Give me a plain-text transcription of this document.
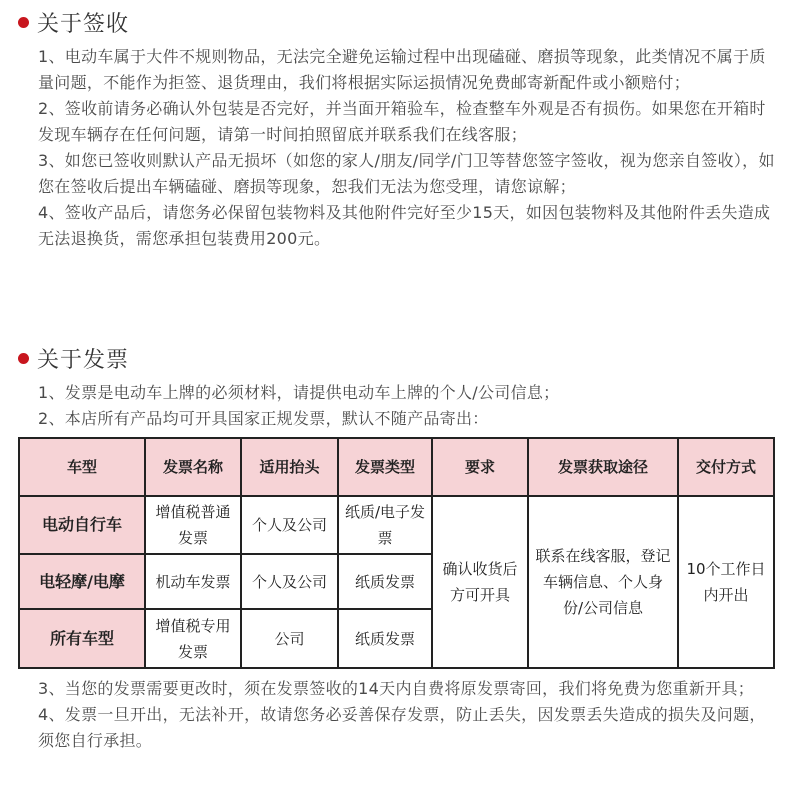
关于签收

1、电动车属于大件不规则物品，无法完全避免运输过程中出现磕碰、磨损等现象，此类情况不属于质量问题，不能作为拒签、退货理由，我们将根据实际运损情况免费邮寄新配件或小额赔付；

2、签收前请务必确认外包装是否完好，并当面开箱验车，检查整车外观是否有损伤。如果您在开箱时发现车辆存在任何问题，请第一时间拍照留底并联系我们在线客服；

3、如您已签收则默认产品无损坏（如您的家人/朋友/同学/门卫等替您签字签收，视为您亲自签收），如您在签收后提出车辆磕碰、磨损等现象，恕我们无法为您受理，请您谅解；

4、签收产品后，请您务必保留包装物料及其他附件完好至少15天，如因包装物料及其他附件丢失造成无法退换货，需您承担包装费用200元。

关于发票

1、发票是电动车上牌的必须材料，请提供电动车上牌的个人/公司信息；

2、本店所有产品均可开具国家正规发票，默认不随产品寄出：

车型	发票名称	适用抬头	发票类型	要求	发票获取途径	交付方式
电动自行车	增值税普通发票	个人及公司	纸质/电子发票	确认收货后方可开具	联系在线客服，登记车辆信息、个人身份/公司信息	10个工作日内开出
电轻摩/电摩	机动车发票	个人及公司	纸质发票			
所有车型	增值税专用发票	公司	纸质发票			

3、当您的发票需要更改时，须在发票签收的14天内自费将原发票寄回，我们将免费为您重新开具；

4、发票一旦开出，无法补开，故请您务必妥善保存发票，防止丢失，因发票丢失造成的损失及问题，须您自行承担。
